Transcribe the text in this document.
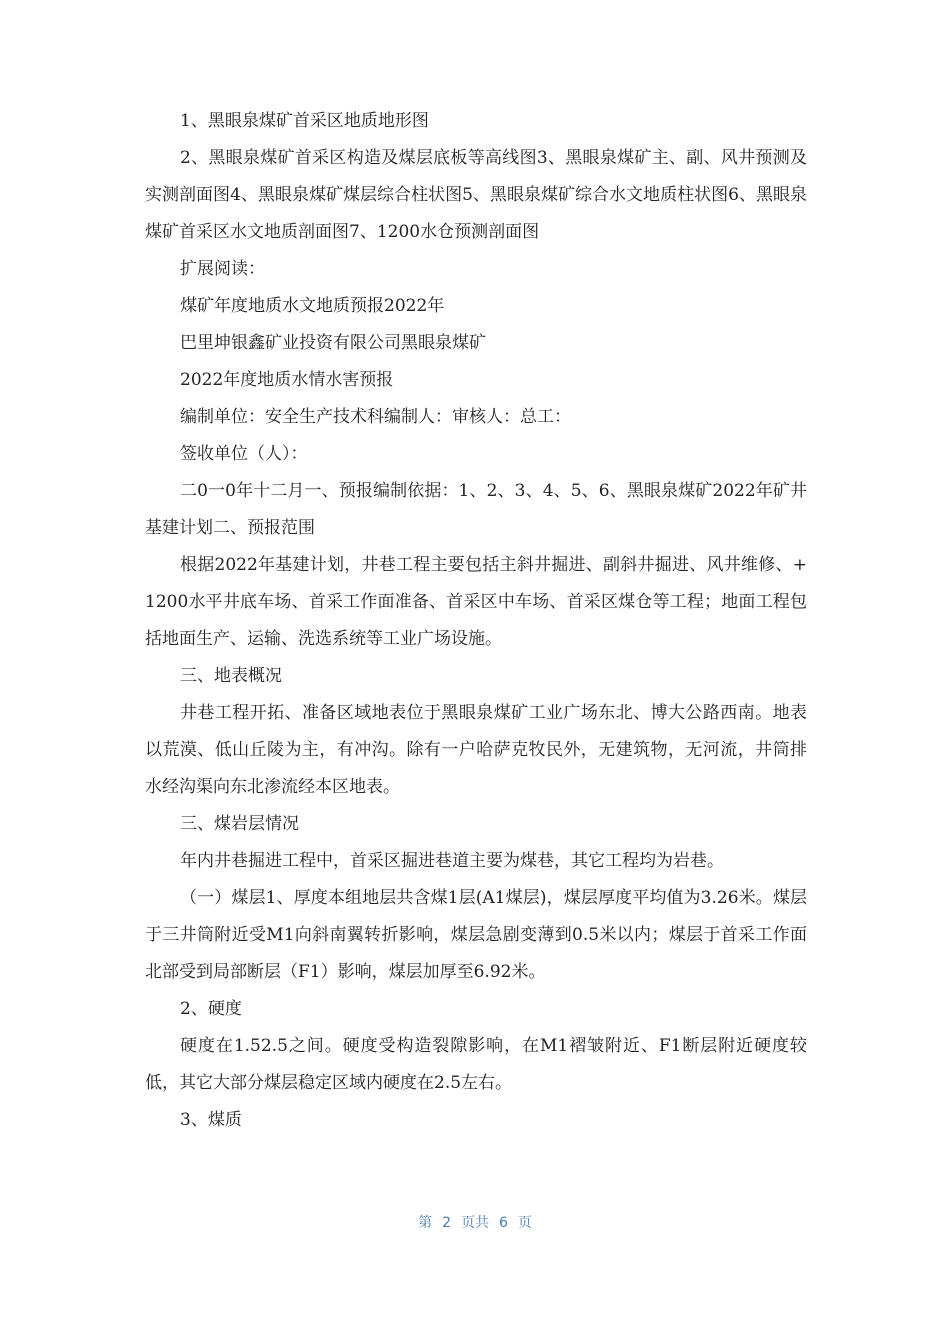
1、黑眼泉煤矿首采区地质地形图

2、黑眼泉煤矿首采区构造及煤层底板等高线图3、黑眼泉煤矿主、副、风井预测及实测剖面图4、黑眼泉煤矿煤层综合柱状图5、黑眼泉煤矿综合水文地质柱状图6、黑眼泉煤矿首采区水文地质剖面图7、1200水仓预测剖面图

扩展阅读：

煤矿年度地质水文地质预报2022年

巴里坤银鑫矿业投资有限公司黑眼泉煤矿

2022年度地质水情水害预报

编制单位：安全生产技术科编制人：审核人：总工：

签收单位（人）：

二0一0年十二月一、预报编制依据：1、2、3、4、5、6、黑眼泉煤矿2022年矿井基建计划二、预报范围

根据2022年基建计划，井巷工程主要包括主斜井掘进、副斜井掘进、风井维修、+1200水平井底车场、首采工作面准备、首采区中车场、首采区煤仓等工程；地面工程包括地面生产、运输、洗选系统等工业广场设施。

三、地表概况

井巷工程开拓、准备区域地表位于黑眼泉煤矿工业广场东北、博大公路西南。地表以荒漠、低山丘陵为主，有冲沟。除有一户哈萨克牧民外，无建筑物，无河流，井筒排水经沟渠向东北渗流经本区地表。

三、煤岩层情况

年内井巷掘进工程中，首采区掘进巷道主要为煤巷，其它工程均为岩巷。

（一）煤层1、厚度本组地层共含煤1层(A1煤层)，煤层厚度平均值为3.26米。煤层于三井筒附近受M1向斜南翼转折影响，煤层急剧变薄到0.5米以内；煤层于首采工作面北部受到局部断层（F1）影响，煤层加厚至6.92米。

2、硬度

硬度在1.52.5之间。硬度受构造裂隙影响，在M1褶皱附近、F1断层附近硬度较低，其它大部分煤层稳定区域内硬度在2.5左右。

3、煤质

第 2 页共 6 页
